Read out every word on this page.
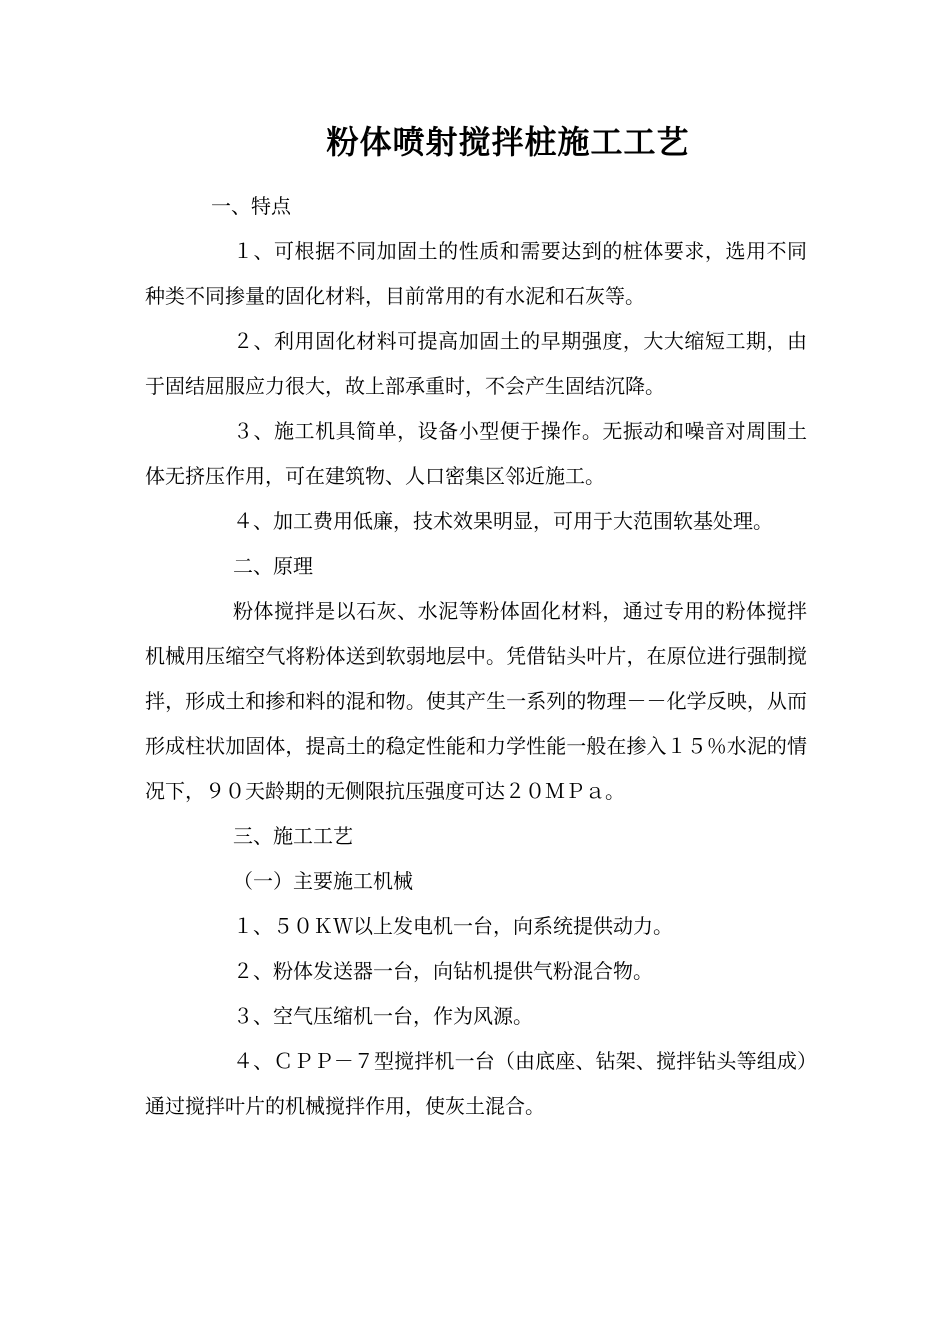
粉体喷射搅拌桩施工工艺

一、特点

１、可根据不同加固土的性质和需要达到的桩体要求，选用不同种类不同掺量的固化材料，目前常用的有水泥和石灰等。

２、利用固化材料可提高加固土的早期强度，大大缩短工期，由于固结屈服应力很大，故上部承重时，不会产生固结沉降。

３、施工机具简单，设备小型便于操作。无振动和噪音对周围土体无挤压作用，可在建筑物、人口密集区邻近施工。

４、加工费用低廉，技术效果明显，可用于大范围软基处理。

二、原理

粉体搅拌是以石灰、水泥等粉体固化材料，通过专用的粉体搅拌机械用压缩空气将粉体送到软弱地层中。凭借钻头叶片，在原位进行强制搅拌，形成土和掺和料的混和物。使其产生一系列的物理－－化学反映，从而形成柱状加固体，提高土的稳定性能和力学性能一般在掺入１５％水泥的情况下，９０天龄期的无侧限抗压强度可达２０ＭＰａ。

三、施工工艺

（一）主要施工机械

１、５０ＫＷ以上发电机一台，向系统提供动力。

２、粉体发送器一台，向钻机提供气粉混合物。

３、空气压缩机一台，作为风源。

４、ＣＰＰ－７型搅拌机一台（由底座、钻架、搅拌钻头等组成）通过搅拌叶片的机械搅拌作用，使灰土混合。
